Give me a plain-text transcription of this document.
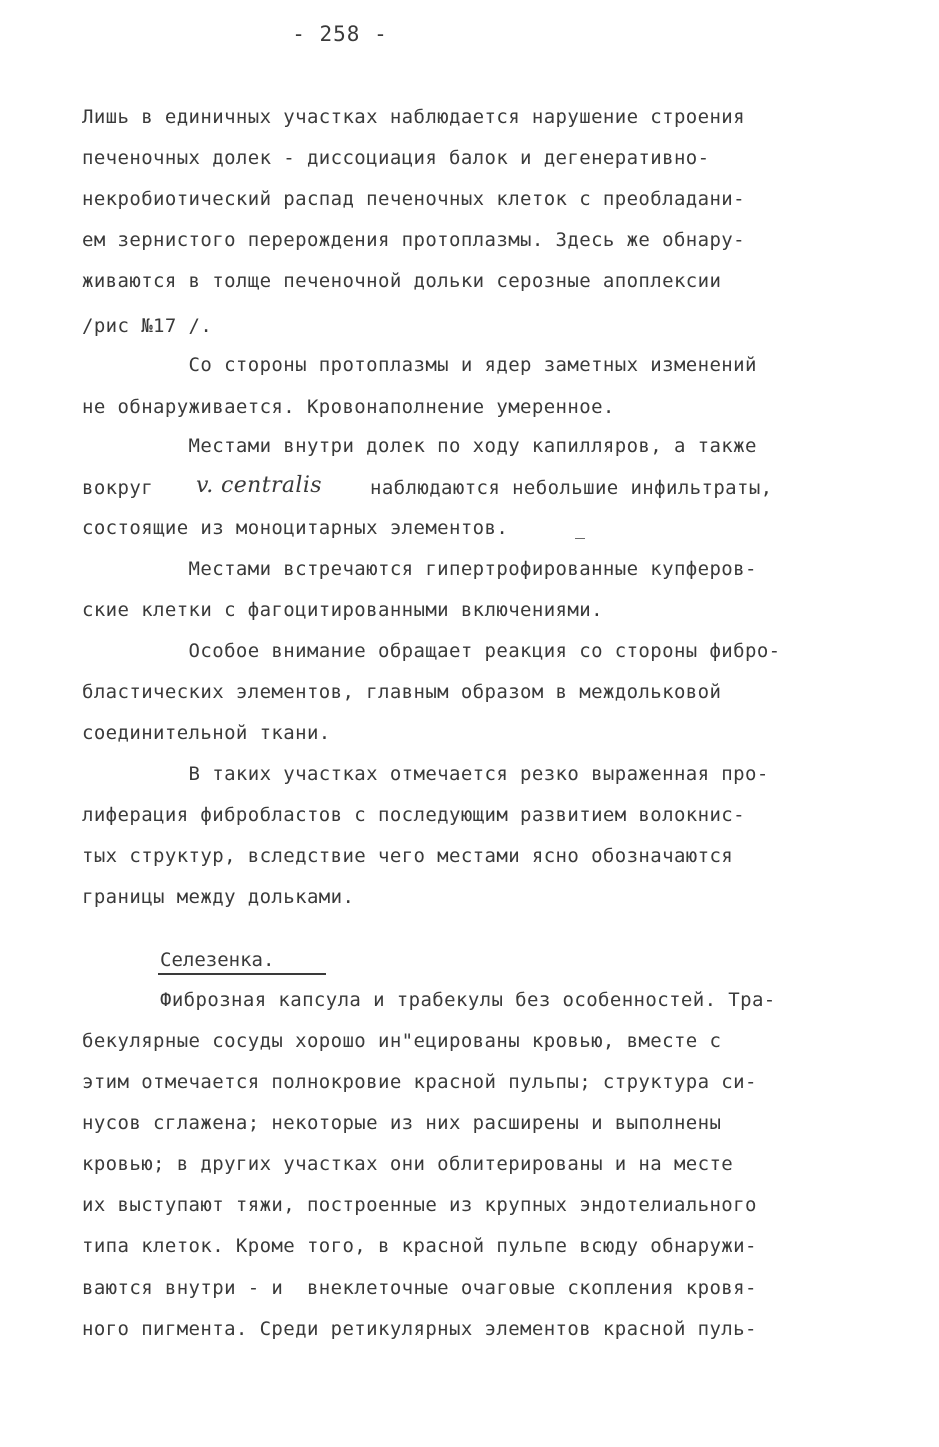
- 258 -
Лишь в единичных участках наблюдается нарушение строения
печеночных долек - диссоциация балок и дегенеративно-
некробиотический распад печеночных клеток с преобладани-
ем зернистого перерождения протоплазмы. Здесь же обнару-
живаются в толще печеночной дольки серозные апоплексии
/рис №17 /.
Со стороны протоплазмы и ядер заметных изменений
не обнаруживается. Кровонаполнение умеренное.
Местами внутри долек по ходу капилляров, а также
вокруг v. centralis	наблюдаются небольшие инфильтраты,
состоящие из моноцитарных элементов.
Местами встречаются гипертрофированные купферов-
ские клетки с фагоцитированными включениями.
Особое внимание обращает реакция со стороны фибро-
бластических элементов, главным образом в междольковой
соединительной ткани.
В таких участках отмечается резко выраженная про-
лиферация фибробластов с последующим развитием волокнис-
тых структур, вследствие чего местами ясно обозначаются
границы между дольками.
Селезенка.
Фиброзная капсула и трабекулы без особенностей. Тра-
бекулярные сосуды хорошо ин"ецированы кровью, вместе с
этим отмечается полнокровие красной пульпы; структура си-
нусов сглажена; некоторые из них расширены и выполнены
кровью; в других участках они облитерированы и на месте
их выступают тяжи, построенные из крупных эндотелиального
типа клеток. Кроме того, в красной пульпе всюду обнаружи-
ваются внутри - и  внеклеточные очаговые скопления кровя-
ного пигмента. Среди ретикулярных элементов красной пуль-
